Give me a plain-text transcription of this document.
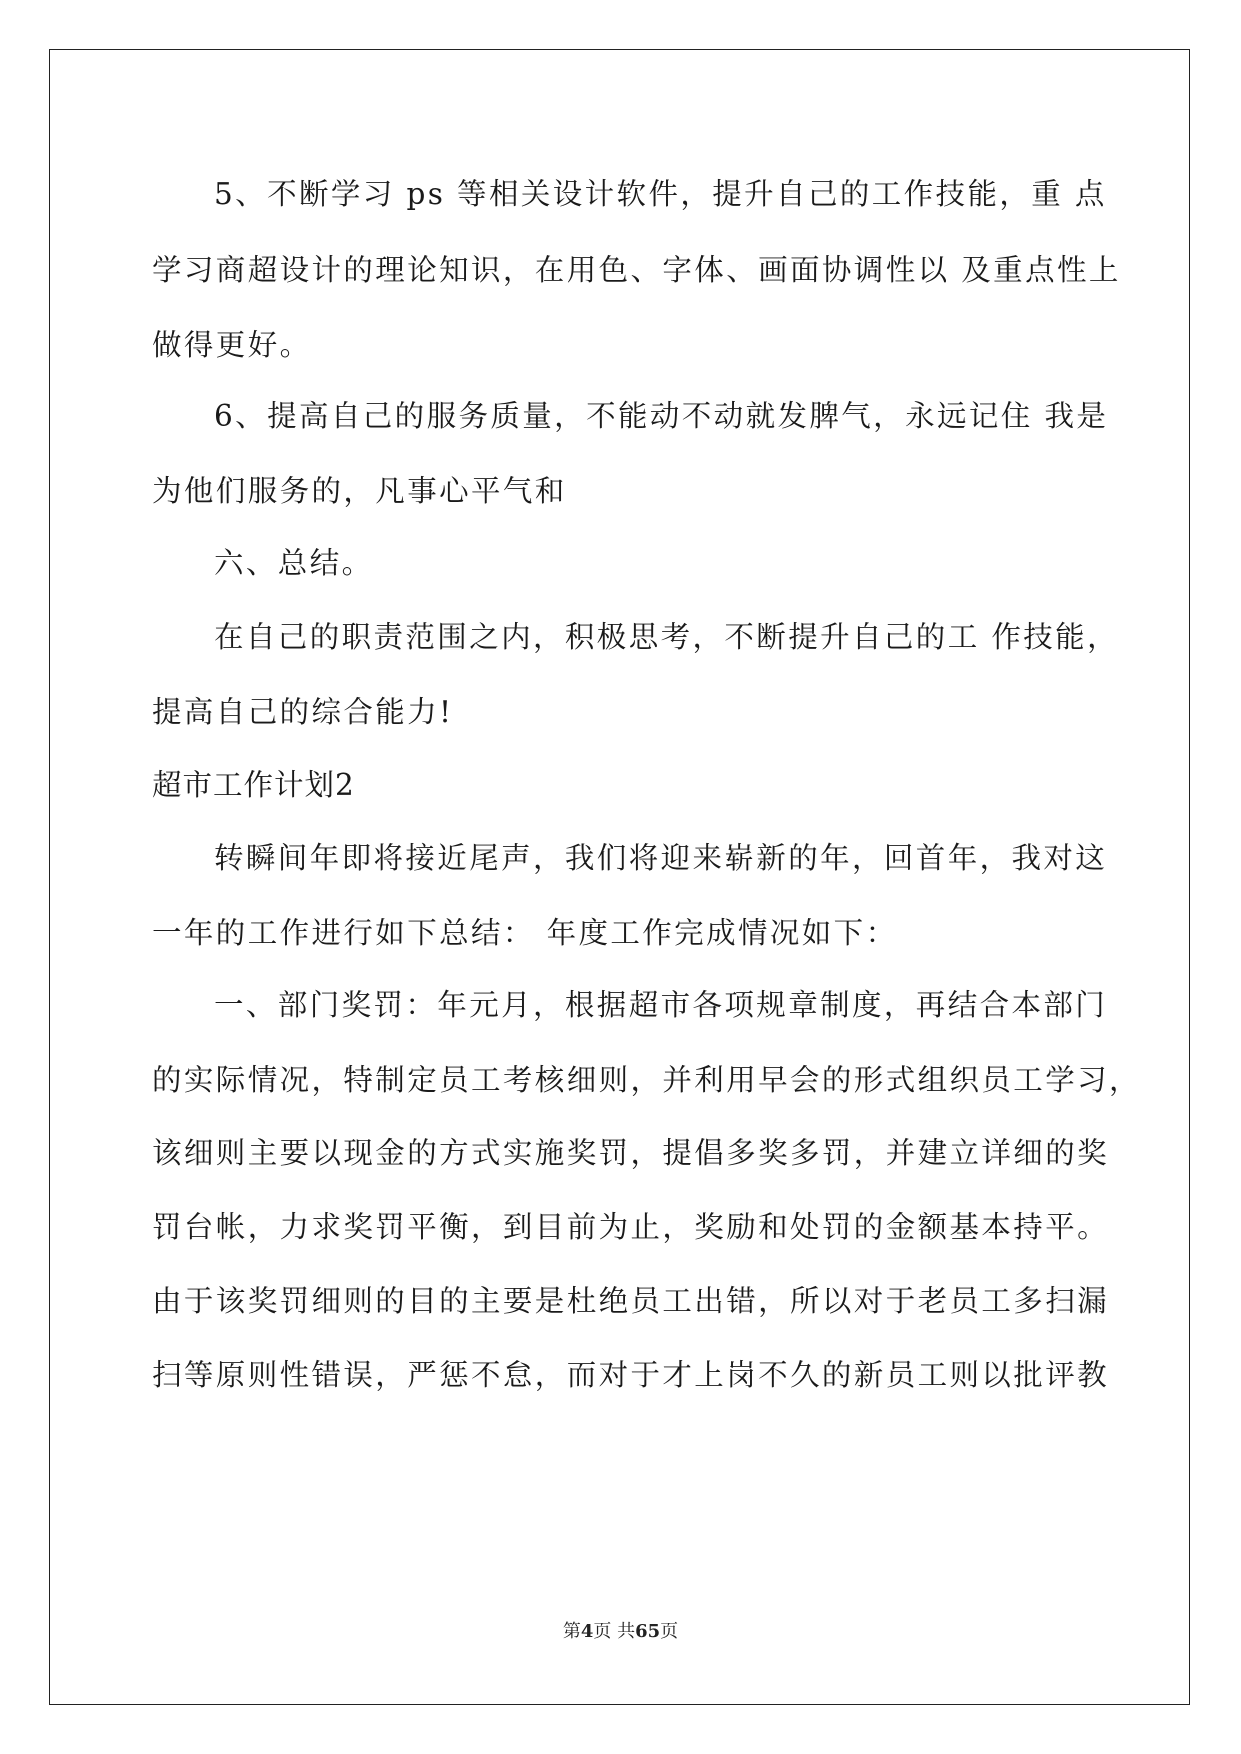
5、不断学习 ps 等相关设计软件，提升自己的工作技能，重 点
学习商超设计的理论知识，在用色、字体、画面协调性以 及重点性上
做得更好。
6、提高自己的服务质量，不能动不动就发脾气，永远记住 我是
为他们服务的，凡事心平气和
六、总结。
在自己的职责范围之内，积极思考，不断提升自己的工 作技能，
提高自己的综合能力!
超市工作计划2
转瞬间年即将接近尾声，我们将迎来崭新的年，回首年，我对这
一年的工作进行如下总结： 年度工作完成情况如下：
一、部门奖罚：年元月，根据超市各项规章制度，再结合本部门
的实际情况，特制定员工考核细则，并利用早会的形式组织员工学习，
该细则主要以现金的方式实施奖罚，提倡多奖多罚，并建立详细的奖
罚台帐，力求奖罚平衡，到目前为止，奖励和处罚的金额基本持平。
由于该奖罚细则的目的主要是杜绝员工出错，所以对于老员工多扫漏
扫等原则性错误，严惩不怠，而对于才上岗不久的新员工则以批评教
第4页 共65页
